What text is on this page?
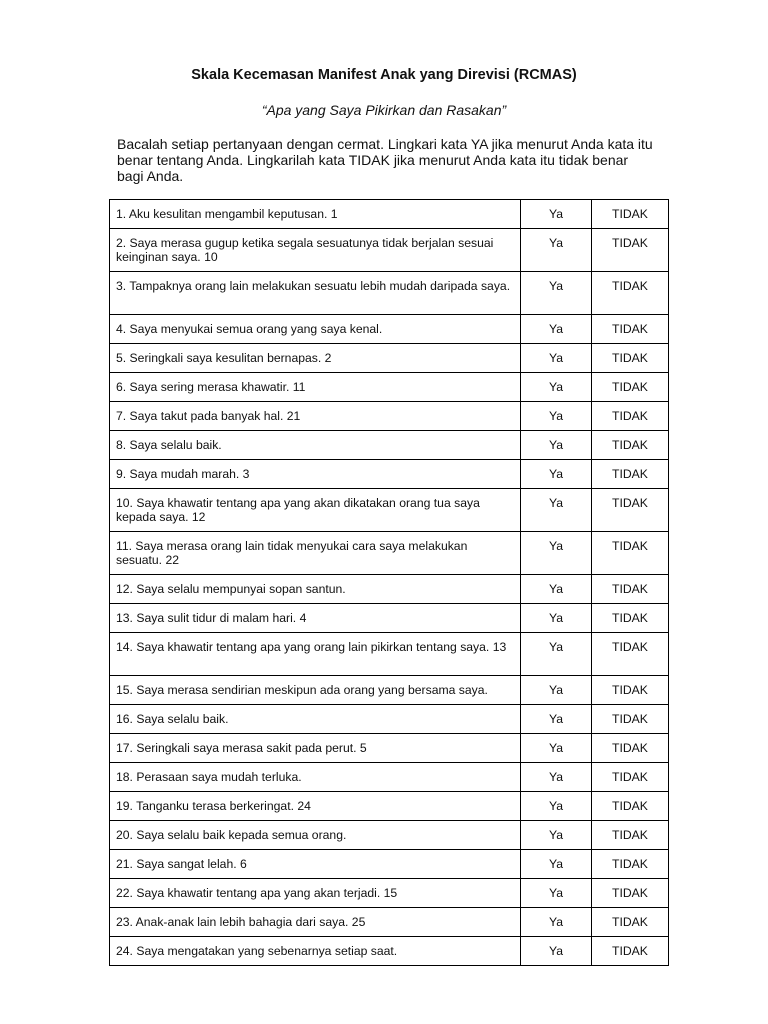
Skala Kecemasan Manifest Anak yang Direvisi (RCMAS)
“Apa yang Saya Pikirkan dan Rasakan”
Bacalah setiap pertanyaan dengan cermat. Lingkari kata YA jika menurut Anda kata itu benar tentang Anda. Lingkarilah kata TIDAK jika menurut Anda kata itu tidak benar bagi Anda.
1. Aku kesulitan mengambil keputusan. 1	Ya	TIDAK
2. Saya merasa gugup ketika segala sesuatunya tidak berjalan sesuai keinginan saya. 10	Ya	TIDAK
3. Tampaknya orang lain melakukan sesuatu lebih mudah daripada saya.	Ya	TIDAK
4. Saya menyukai semua orang yang saya kenal.	Ya	TIDAK
5. Seringkali saya kesulitan bernapas. 2	Ya	TIDAK
6. Saya sering merasa khawatir. 11	Ya	TIDAK
7. Saya takut pada banyak hal. 21	Ya	TIDAK
8. Saya selalu baik.	Ya	TIDAK
9. Saya mudah marah. 3	Ya	TIDAK
10. Saya khawatir tentang apa yang akan dikatakan orang tua saya kepada saya. 12	Ya	TIDAK
11. Saya merasa orang lain tidak menyukai cara saya melakukan sesuatu. 22	Ya	TIDAK
12. Saya selalu mempunyai sopan santun.	Ya	TIDAK
13. Saya sulit tidur di malam hari. 4	Ya	TIDAK
14. Saya khawatir tentang apa yang orang lain pikirkan tentang saya. 13	Ya	TIDAK
15. Saya merasa sendirian meskipun ada orang yang bersama saya.	Ya	TIDAK
16. Saya selalu baik.	Ya	TIDAK
17. Seringkali saya merasa sakit pada perut. 5	Ya	TIDAK
18. Perasaan saya mudah terluka.	Ya	TIDAK
19. Tanganku terasa berkeringat. 24	Ya	TIDAK
20. Saya selalu baik kepada semua orang.	Ya	TIDAK
21. Saya sangat lelah. 6	Ya	TIDAK
22. Saya khawatir tentang apa yang akan terjadi. 15	Ya	TIDAK
23. Anak-anak lain lebih bahagia dari saya. 25	Ya	TIDAK
24. Saya mengatakan yang sebenarnya setiap saat.	Ya	TIDAK
